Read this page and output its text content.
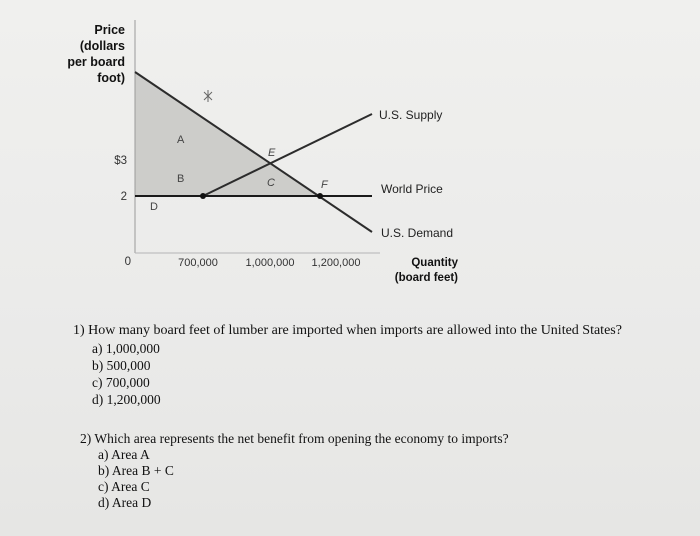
Price
(dollars
per board
foot)
$3
2
0	700,000	1,000,000 1,200,000	Quantity
(board feet)
U.S. Supply
World Price
U.S. Demand
A
B	C
D
E
F
1) How many board feet of lumber are imported when imports are allowed into the United States?
a) 1,000,000
b) 500,000
c) 700,000
d) 1,200,000
2) Which area represents the net benefit from opening the economy to imports?
a) Area A
b) Area B + C
c) Area C
d) Area D
